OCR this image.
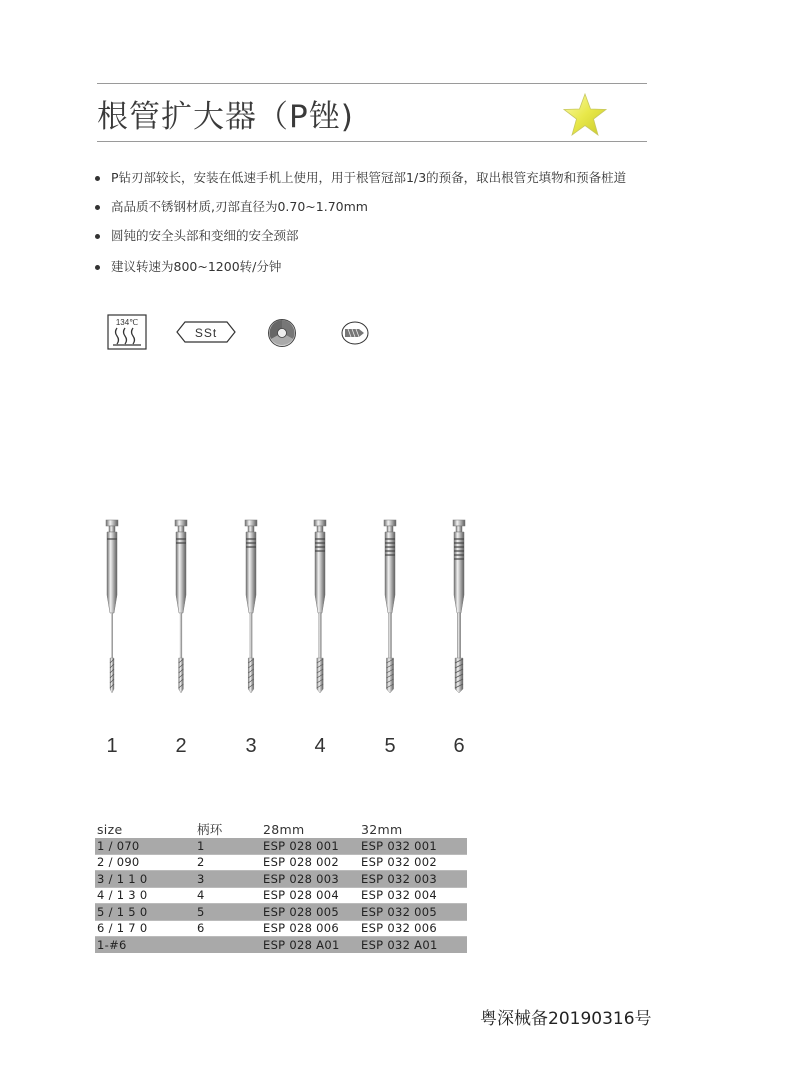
根管扩大器（P锉)
P钻刃部较长，安装在低速手机上使用，用于根管冠部1/3的预备，取出根管充填物和预备桩道
高品质不锈钢材质,刃部直径为0.70~1.70mm
圆钝的安全头部和变细的安全颈部
建议转速为800~1200转/分钟
134℃
SSt
1	2	3	4	5	6
size	柄环	28mm	32mm
1 / 070	1	ESP 028 001	ESP 032 001
2 / 090	2	ESP 028 002	ESP 032 002
3 / 1 1 0	3	ESP 028 003	ESP 032 003
4 / 1 3 0	4	ESP 028 004	ESP 032 004
5 / 1 5 0	5	ESP 028 005	ESP 032 005
6 / 1 7 0	6	ESP 028 006	ESP 032 006
1-#6		ESP 028 A01	ESP 032 A01
粤深械备20190316号
